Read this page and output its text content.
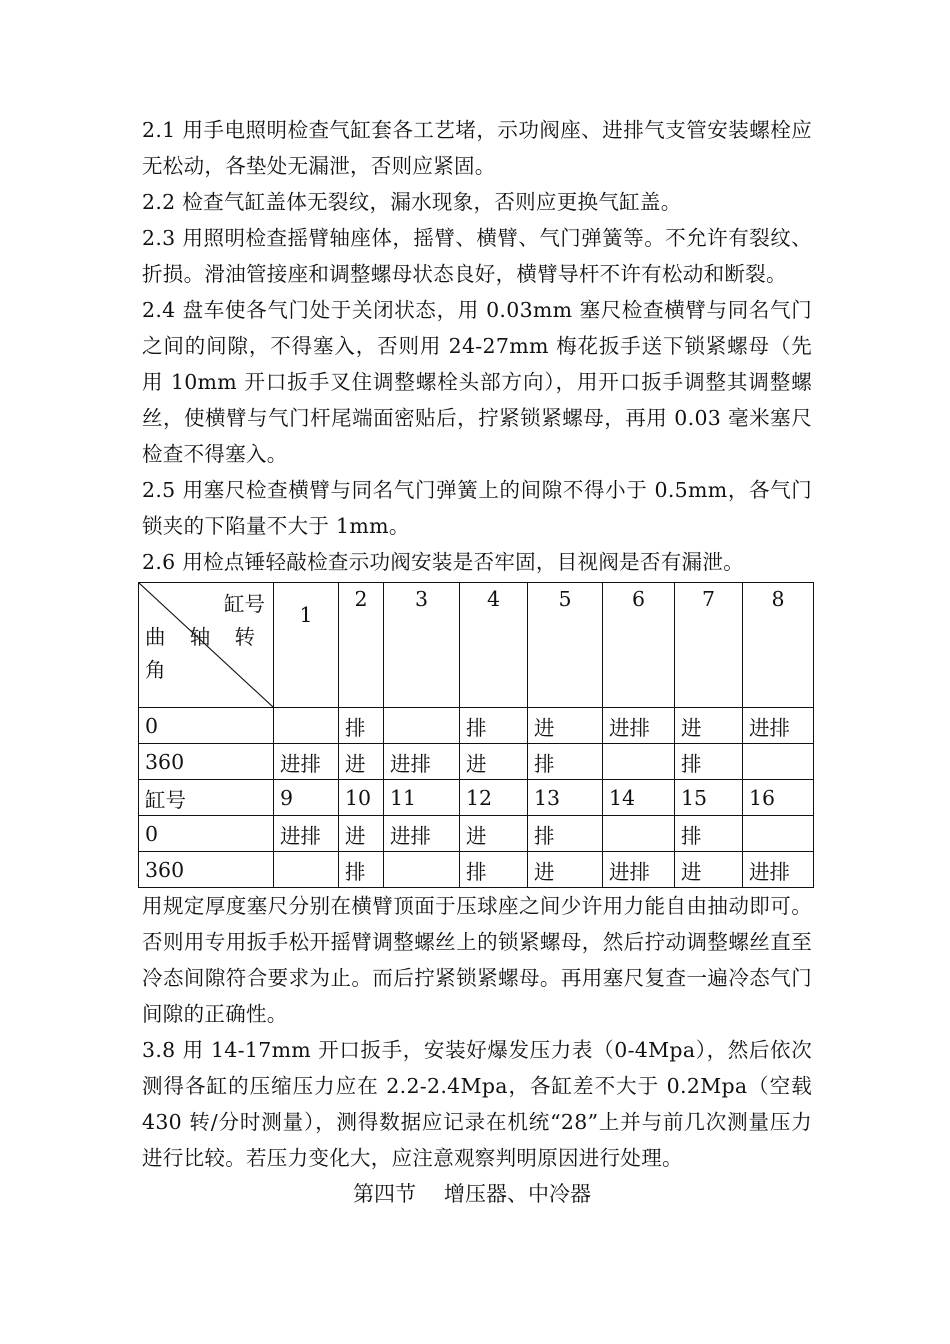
2.1 用手电照明检查气缸套各工艺堵，示功阀座、进排气支管安装螺栓应无松动，各垫处无漏泄，否则应紧固。

2.2 检查气缸盖体无裂纹，漏水现象，否则应更换气缸盖。

2.3 用照明检查摇臂轴座体，摇臂、横臂、气门弹簧等。不允许有裂纹、折损。滑油管接座和调整螺母状态良好，横臂导杆不许有松动和断裂。

2.4 盘车使各气门处于关闭状态，用 0.03mm 塞尺检查横臂与同名气门之间的间隙，不得塞入，否则用 24-27mm 梅花扳手送下锁紧螺母（先用 10mm 开口扳手叉住调整螺栓头部方向），用开口扳手调整其调整螺丝，使横臂与气门杆尾端面密贴后，拧紧锁紧螺母，再用 0.03 毫米塞尺检查不得塞入。

2.5 用塞尺检查横臂与同名气门弹簧上的间隙不得小于 0.5mm，各气门锁夹的下陷量不大于 1mm。

2.6 用检点锤轻敲检查示功阀安装是否牢固，目视阀是否有漏泄。

缸号
曲 轴 转
角	1	2	3	4	5	6	7	8
0		排		排	进	进排	进	进排
360	进排	进	进排	进	排		排	
缸号	9	10	11	12	13	14	15	16
0	进排	进	进排	进	排		排	
360		排		排	进	进排	进	进排

用规定厚度塞尺分别在横臂顶面于压球座之间少许用力能自由抽动即可。否则用专用扳手松开摇臂调整螺丝上的锁紧螺母，然后拧动调整螺丝直至冷态间隙符合要求为止。而后拧紧锁紧螺母。再用塞尺复查一遍冷态气门间隙的正确性。

3.8 用 14-17mm 开口扳手，安装好爆发压力表（0-4Mpa），然后依次测得各缸的压缩压力应在 2.2-2.4Mpa，各缸差不大于 0.2Mpa（空载 430 转/分时测量），测得数据应记录在机统“28”上并与前几次测量压力进行比较。若压力变化大，应注意观察判明原因进行处理。

第四节 增压器、中冷器
